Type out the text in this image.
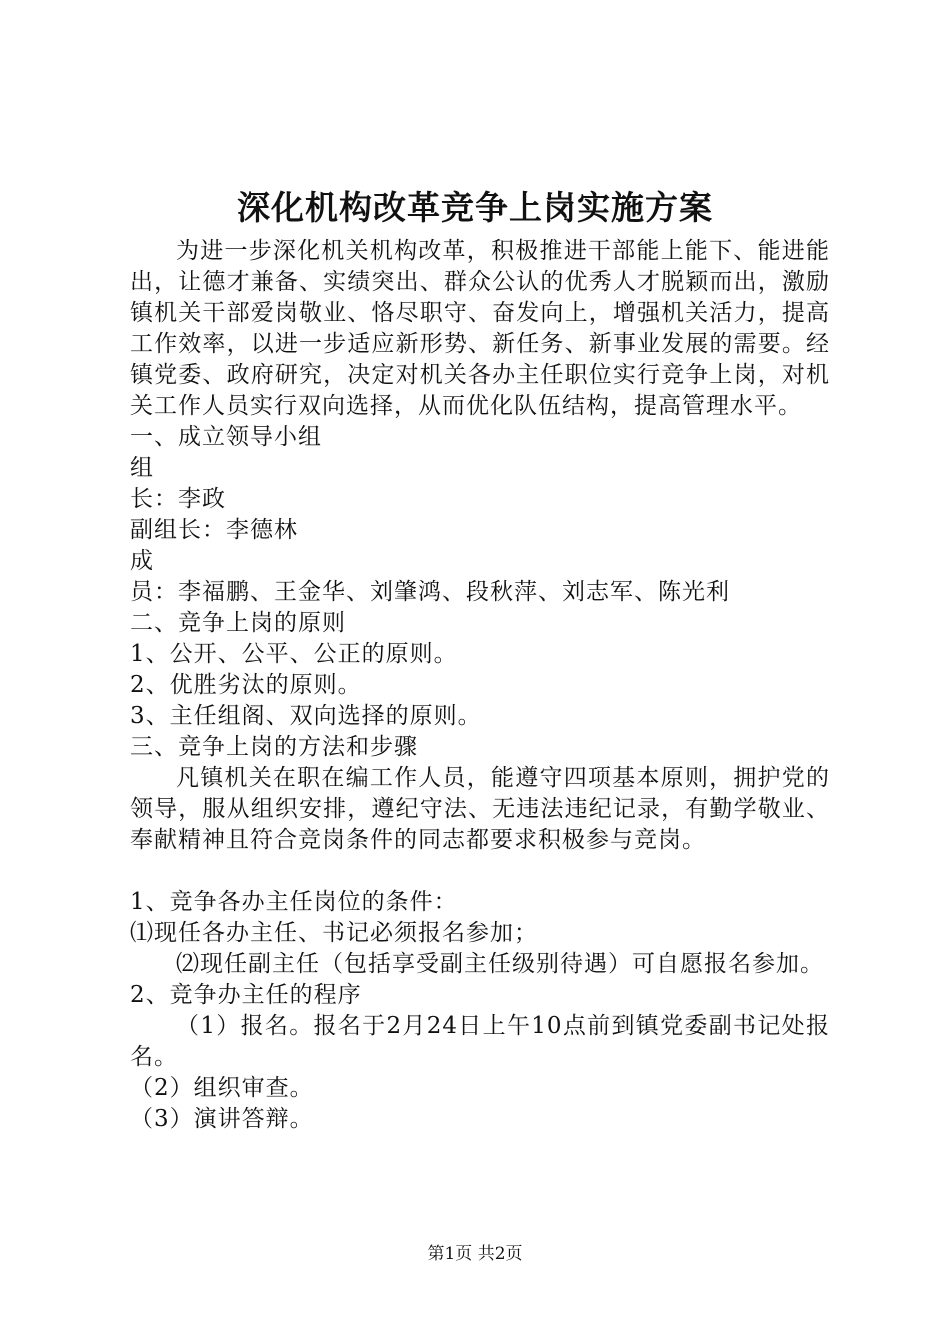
深化机构改革竞争上岗实施方案

为进一步深化机关机构改革，积极推进干部能上能下、能进能出，让德才兼备、实绩突出、群众公认的优秀人才脱颖而出，激励镇机关干部爱岗敬业、恪尽职守、奋发向上，增强机关活力，提高工作效率，以进一步适应新形势、新任务、新事业发展的需要。经镇党委、政府研究，决定对机关各办主任职位实行竞争上岗，对机关工作人员实行双向选择，从而优化队伍结构，提高管理水平。

一、成立领导小组

组

长：李政

副组长：李德林

成

员：李福鹏、王金华、刘肇鸿、段秋萍、刘志军、陈光利

二、竞争上岗的原则

1、公开、公平、公正的原则。

2、优胜劣汰的原则。

3、主任组阁、双向选择的原则。

三、竞争上岗的方法和步骤

凡镇机关在职在编工作人员，能遵守四项基本原则，拥护党的领导，服从组织安排，遵纪守法、无违法违纪记录，有勤学敬业、奉献精神且符合竞岗条件的同志都要求积极参与竞岗。

1、竞争各办主任岗位的条件：

⑴现任各办主任、书记必须报名参加；

⑵现任副主任（包括享受副主任级别待遇）可自愿报名参加。

2、竞争办主任的程序

（1）报名。报名于2月24日上午10点前到镇党委副书记处报名。

（2）组织审查。

（3）演讲答辩。

第1页 共2页
